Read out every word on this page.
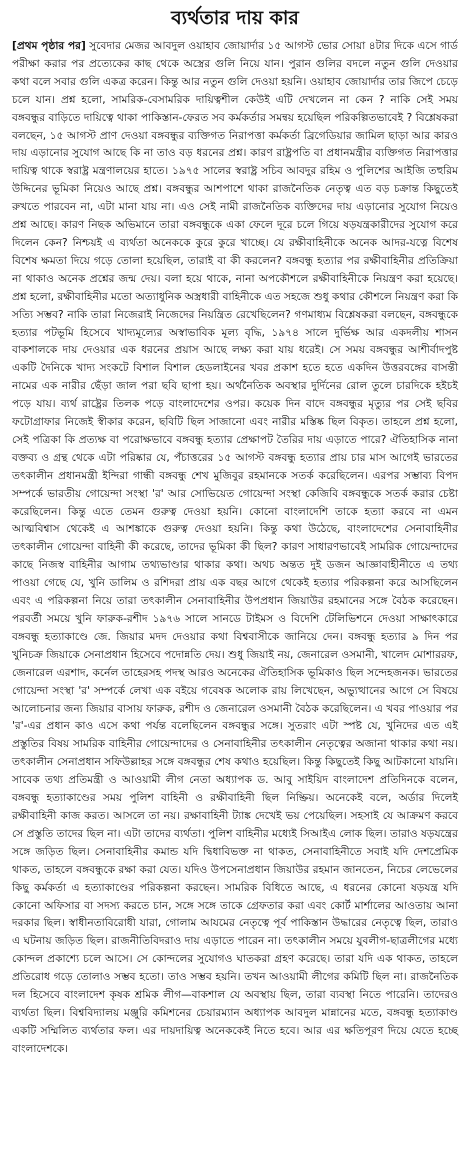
ব্যর্থতার দায় কার

[প্রথম পৃষ্ঠার পর] সুবেদার মেজর আবদুল ওয়াহাব জোয়ার্দার ১৫ আগস্ট ভোর সোয়া ৪টার দিকে এসে গার্ড পরীক্ষা করার পর প্রত্যেকের কাছ থেকে অস্ত্রের গুলি নিয়ে যান। পুরান গুলির বদলে নতুন গুলি দেওয়ার কথা বলে সবার গুলি একত্র করেন। কিন্তু আর নতুন গুলি দেওয়া হয়নি। ওয়াহাব জোয়ার্দার তার জিপে চেড়ে চলে যান। প্রশ্ন হলো, সামরিক-বেসামরিক দায়িত্বশীল কেউই এটি দেখলেন না কেন ? নাকি সেই সময় বঙ্গবন্ধুর বাড়িতে দায়িত্বে থাকা পাকিস্তান-ফেরত সব কর্মকর্তার সমন্বয় হয়েছিল পরিকল্পিতভাবেই ? বিশ্লেষকরা বলছেন, ১৫ আগস্ট প্রাণ দেওয়া বঙ্গবন্ধুর ব্যক্তিগত নিরাপত্তা কর্মকর্তা ব্রিগেডিয়ার জামিল ছাড়া আর কারও দায় এড়ানোর সুযোগ আছে কি না তাও বড় ধরনের প্রশ্ন। কারণ রাষ্ট্রপতি বা প্রধানমন্ত্রীর ব্যক্তিগত নিরাপত্তার দায়িত্ব থাকে স্বরাষ্ট্র মন্ত্রণালয়ের হাতে। ১৯৭৫ সালের স্বরাষ্ট্র সচিব আবদুর রহিম ও পুলিশের আইজি তহুরিম উদ্দিনের ভূমিকা নিয়েও আছে প্রশ্ন। বঙ্গবন্ধুর আশপাশে থাকা রাজনৈতিক নেতৃত্ব এত বড় চক্রান্ত কিছুতেই রুখতে পারবেন না, এটা মানা যায় না। এও সেই নামী রাজনৈতিক ব্যক্তিদের দায় এড়ানোর সুযোগ নিয়েও প্রশ্ন আছে। কারণ নিছক অভিমানে তারা বঙ্গবন্ধুকে একা ফেলে দূরে চলে গিয়ে ষড়যন্ত্রকারীদের সুযোগ করে দিলেন কেন? নিশ্চয়ই এ ব্যর্থতা অনেককে কুরে কুরে খাচ্ছে। যে রক্ষীবাহিনীকে অনেক আদর-যত্নে বিশেষ বিশেষ ক্ষমতা দিয়ে গড়ে তোলা হয়েছিল, তারাই বা কী করলেন? বঙ্গবন্ধু হত্যার পর রক্ষীবাহিনীর প্রতিক্রিয়া না থাকাও অনেক প্রশ্নের জন্ম দেয়। বলা হয়ে থাকে, নানা অপকৌশলে রক্ষীবাহিনীকে নিয়ন্ত্রণ করা হয়েছে। প্রশ্ন হলো, রক্ষীবাহিনীর মতো অত্যাধুনিক অস্ত্রধারী বাহিনীকে এত সহজে শুধু কথার কৌশলে নিয়ন্ত্রণ করা কি সত্যি সম্ভব? নাকি তারা নিজেরাই নিজেদের নিয়ন্ত্রিত রেখেছিলেন? গণমাধ্যম বিশ্লেষকরা বলছেন, বঙ্গবন্ধুকে হত্যার পটভূমি হিসেবে খাদ্যমূল্যের অস্বাভাবিক মূল্য বৃদ্ধি, ১৯৭৪ সালে দুর্ভিক্ষ আর একদলীয় শাসন বাকশালকে দায় দেওয়ার এক ধরনের প্রয়াস আছে লক্ষ্য করা যায় ধরেই। সে সময় বঙ্গবন্ধুর আশীর্বাদপুষ্ট একটি দৈনিকে খাদ্য সংকটে বিশাল বিশাল হেডলাইনের খবর প্রকাশ হতে হতে একদিন উত্তরবঙ্গের বাসন্তী নামের এক নারীর ছেঁড়া জাল পরা ছবি ছাপা হয়। অর্থনৈতিক অবস্থার দুর্দিনের রোল তুলে চারদিকে হইচই পড়ে যায়। ব্যর্থ রাষ্ট্রের তিলক পড়ে বাংলাদেশের ওপর। কয়েক দিন বাদে বঙ্গবন্ধুর মৃত্যুর পর সেই ছবির ফটোগ্রাফার নিজেই স্বীকার করেন, ছবিটি ছিল সাজানো এবং নারীর মস্তিষ্ক ছিল বিকৃত। তাহলে প্রশ্ন হলো, সেই পত্রিকা কি প্রত্যক্ষ বা পরোক্ষভাবে বঙ্গবন্ধু হত্যার প্রেক্ষাপট তৈরির দায় এড়াতে পারে? ঐতিহাসিক নানা বক্তব্য ও গ্রন্থ থেকে এটা পরিষ্কার যে, পঁচাত্তরের ১৫ আগস্ট বঙ্গবন্ধু হত্যার প্রায় চার মাস আগেই ভারতের তৎকালীন প্রধানমন্ত্রী ইন্দিরা গান্ধী বঙ্গবন্ধু শেখ মুজিবুর রহমানকে সতর্ক করেছিলেন। এরপর সম্ভাব্য বিপদ সম্পর্কে ভারতীয় গোয়েন্দা সংস্থা 'র' আর সোভিয়েত গোয়েন্দা সংস্থা কেজিবি বঙ্গবন্ধুকে সতর্ক করার চেষ্টা করেছিলেন। কিন্তু এতে তেমন গুরুত্ব দেওয়া হয়নি। কোনো বাংলাদেশি তাকে হত্যা করবে না এমন আত্মবিশ্বাস থেকেই এ আশঙ্কাকে গুরুত্ব দেওয়া হয়নি। কিন্তু কথা উঠেছে, বাংলাদেশের সেনাবাহিনীর তৎকালীন গোয়েন্দা বাহিনী কী করেছে, তাদের ভূমিকা কী ছিল? কারণ সাধারণভাবেই সামরিক গোয়েন্দাদের কাছে নিজস্ব বাহিনীর আগাম তথ্যভাণ্ডার থাকার কথা। অথচ অন্তত দুই ডজন আজ্ঞাবাহীনীতে এ তথ্য পাওয়া গেছে যে, খুনি ডালিম ও রশিদরা প্রায় এক বছর আগে থেকেই হত্যার পরিকল্পনা করে আসছিলেন এবং এ পরিকল্পনা নিয়ে তারা তৎকালীন সেনাবাহিনীর উপপ্রধান জিয়াউর রহমানের সঙ্গে বৈঠক করেছেন। পরবর্তী সময়ে খুনি ফারুক-রশীদ ১৯৭৬ সালে সানডে টাইমস ও বিদেশি টেলিভিশনে দেওয়া সাক্ষাৎকারে বঙ্গবন্ধু হত্যাকাণ্ডে জে. জিয়ার মদদ দেওয়ার কথা বিশ্ববাসীকে জানিয়ে দেন। বঙ্গবন্ধু হত্যার ৯ দিন পর খুনিচক্র জিয়াকে সেনাপ্রধান হিসেবে পদোন্নতি দেয়। শুধু জিয়াই নয়, জেনারেল ওসমানী, খালেদ মোশাররফ, জেনারেল এরশাদ, কর্নেল তাহেরসহ পদস্থ আরও অনেকের ঐতিহাসিক ভূমিকাও ছিল সন্দেহজনক। ভারতের গোয়েন্দা সংস্থা 'র' সম্পর্কে লেখা এক বইয়ে গবেষক অলোক রায় লিখেছেন, অভ্যুত্থানের আগে সে বিষয়ে আলোচনার জন্য জিয়ার বাসায় ফারুক, রশীদ ও জেনারেল ওসমানী বৈঠক করেছিলেন। এ খবর পাওয়ার পর 'র'-এর প্রধান কাও এসে কথা পর্যন্ত বলেছিলেন বঙ্গবন্ধুর সঙ্গে। সুতরাং এটা স্পষ্ট যে, খুনিদের এত এই প্রস্তুতির বিষয় সামরিক বাহিনীর গোয়েন্দাদের ও সেনাবাহিনীর তৎকালীন নেতৃত্বের অজানা থাকার কথা নয়। তৎকালীন সেনাপ্রধান সফিউল্লাহর সঙ্গে বঙ্গবন্ধুর শেষ কথাও হয়েছিল। কিন্তু কিছুতেই কিছু আটকানো যায়নি। সাবেক তথ্য প্রতিমন্ত্রী ও আওয়ামী লীগ নেতা অধ্যাপক ড. আবু সাইয়িদ বাংলাদেশ প্রতিদিনকে বলেন, বঙ্গবন্ধু হত্যাকাণ্ডের সময় পুলিশ বাহিনী ও রক্ষীবাহিনী ছিল নিষ্ক্রিয়। অনেকেই বলে, অর্ডার দিলেই রক্ষীবাহিনী কাজ করত। আসলে তা নয়। রক্ষাবাহিনী ট্যাঙ্ক দেখেই ভয় পেয়েছিল। সহসাই যে আক্রমণ করবে সে প্রস্তুতি তাদের ছিল না। এটা তাদের ব্যর্থতা। পুলিশ বাহিনীর মধ্যেই সিআইএ লোক ছিল। তারাও ষড়যন্ত্রের সঙ্গে জড়িত ছিল। সেনাবাহিনীর কমান্ড যদি দ্বিধাবিভক্ত না থাকত, সেনাবাহিনীতে সবাই যদি দেশপ্রেমিক থাকত, তাহলে বঙ্গবন্ধুকে রক্ষা করা যেত। যদিও উপসেনাপ্রধান জিয়াউর রহমান জানতেন, নিচের লেভেলের কিছু কর্মকর্তা এ হত্যাকাণ্ডের পরিকল্পনা করছেন। সামরিক বিধিতে আছে, এ ধরনের কোনো ষড়যন্ত্র যদি কোনো অফিসার বা সদস্য করতে চান, সঙ্গে সঙ্গে তাকে গ্রেফতার করা এবং কোর্ট মার্শালের আওতায় আনা দরকার ছিল। স্বাধীনতাবিরোধী যারা, গোলাম আযমের নেতৃত্বে পূর্ব পাকিস্তান উদ্ধারের নেতৃত্বে ছিল, তারাও এ ঘটনায় জড়িত ছিল। রাজনীতিবিদরাও দায় এড়াতে পারেন না। তৎকালীন সময়ে যুবলীগ-ছাত্রলীগের মধ্যে কোন্দল প্রকাশ্যে চলে আসে। সে কোন্দলের সুযোগও ঘাতকরা গ্রহণ করেছে। তারা যদি এক থাকত, তাহলে প্রতিরোধ গড়ে তোলাও সম্ভব হতো। তাও সম্ভব হয়নি। তখন আওয়ামী লীগের কমিটি ছিল না। রাজনৈতিক দল হিসেবে বাংলাদেশ কৃষক শ্রমিক লীগ—বাকশাল যে অবস্থায় ছিল, তারা ব্যবস্থা নিতে পারেনি। তাদেরও ব্যর্থতা ছিল। বিশ্ববিদ্যালয় মঞ্জুরি কমিশনের চেয়ারম্যান অধ্যাপক আবদুল মান্নানের মতে, বঙ্গবন্ধু হত্যাকাণ্ড একটি সম্মিলিত ব্যর্থতার ফল। এর দায়দায়িত্ব অনেককেই নিতে হবে। আর এর ক্ষতিপূরণ দিয়ে যেতে হচ্ছে বাংলাদেশকে।
